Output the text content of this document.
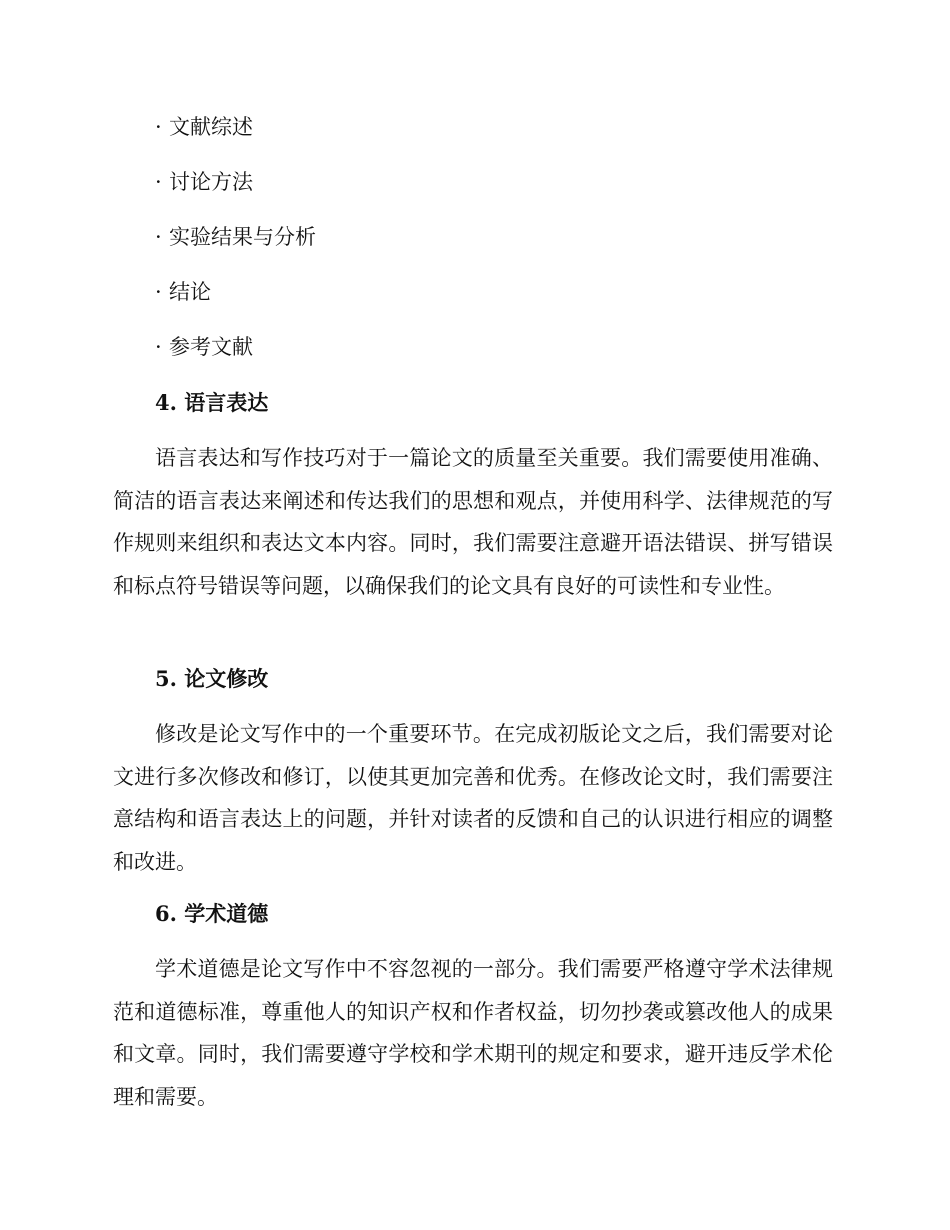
· 文献综述
· 讨论方法
· 实验结果与分析
· 结论
· 参考文献
4. 语言表达

语言表达和写作技巧对于一篇论文的质量至关重要。我们需要使用准确、简洁的语言表达来阐述和传达我们的思想和观点，并使用科学、法律规范的写作规则来组织和表达文本内容。同时，我们需要注意避开语法错误、拼写错误和标点符号错误等问题，以确保我们的论文具有良好的可读性和专业性。

5. 论文修改

修改是论文写作中的一个重要环节。在完成初版论文之后，我们需要对论文进行多次修改和修订，以使其更加完善和优秀。在修改论文时，我们需要注意结构和语言表达上的问题，并针对读者的反馈和自己的认识进行相应的调整和改进。

6. 学术道德

学术道德是论文写作中不容忽视的一部分。我们需要严格遵守学术法律规范和道德标准，尊重他人的知识产权和作者权益，切勿抄袭或篡改他人的成果和文章。同时，我们需要遵守学校和学术期刊的规定和要求，避开违反学术伦理和需要。
